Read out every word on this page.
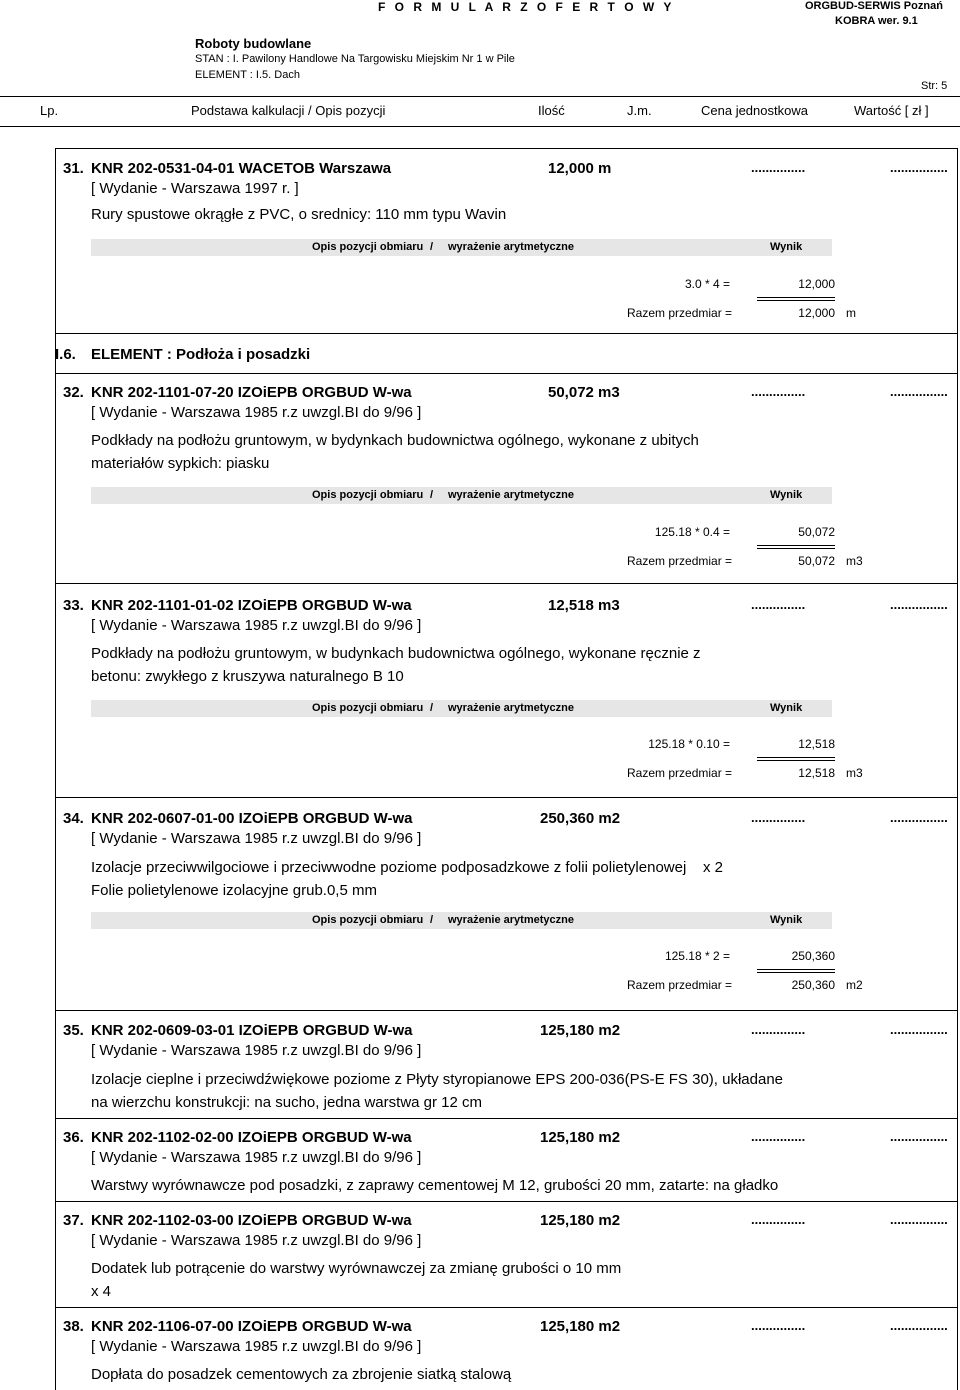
F O R M U L A R Z O F E R T O W Y	ORGBUD-SERWIS Poznań
KOBRA wer. 9.1
Roboty budowlane
STAN : I. Pawilony Handlowe Na Targowisku Miejskim Nr 1 w Pile
ELEMENT : I.5. Dach
Str: 5
Lp.	Podstawa kalkulacji / Opis pozycji	Ilość	J.m.	Cena jednostkowa	Wartość [ zł ]
31. KNR 202-0531-04-01 WACETOB Warszawa	12,000 m	...............	................
[ Wydanie - Warszawa 1997 r. ]
Rury spustowe okrągłe z PVC, o srednicy: 110 mm typu Wavin
Opis pozycji obmiaru / wyrażenie arytmetyczne	Wynik
3.0 * 4 =	12,000
Razem przedmiar =	12,000 m
I.6. ELEMENT : Podłoża i posadzki
32. KNR 202-1101-07-20 IZOiEPB ORGBUD W-wa	50,072 m3	...............	................
[ Wydanie - Warszawa 1985 r.z uwzgl.BI do 9/96 ]
Podkłady na podłożu gruntowym, w bydynkach budownictwa ogólnego, wykonane z ubitych materiałów sypkich: piasku
Opis pozycji obmiaru / wyrażenie arytmetyczne	Wynik
125.18 * 0.4 =	50,072
Razem przedmiar =	50,072 m3
33. KNR 202-1101-01-02 IZOiEPB ORGBUD W-wa	12,518 m3	...............	................
[ Wydanie - Warszawa 1985 r.z uwzgl.BI do 9/96 ]
Podkłady na podłożu gruntowym, w budynkach budownictwa ogólnego, wykonane ręcznie z betonu: zwykłego z kruszywa naturalnego B 10
Opis pozycji obmiaru / wyrażenie arytmetyczne	Wynik
125.18 * 0.10 =	12,518
Razem przedmiar =	12,518 m3
34. KNR 202-0607-01-00 IZOiEPB ORGBUD W-wa	250,360 m2	...............	................
[ Wydanie - Warszawa 1985 r.z uwzgl.BI do 9/96 ]
Izolacje przeciwwilgociowe i przeciwwodne poziome podposadzkowe z folii polietylenowej    x 2
Folie polietylenowe izolacyjne grub.0,5 mm
Opis pozycji obmiaru / wyrażenie arytmetyczne	Wynik
125.18 * 2 =	250,360
Razem przedmiar =	250,360 m2
35. KNR 202-0609-03-01 IZOiEPB ORGBUD W-wa	125,180 m2	...............	................
[ Wydanie - Warszawa 1985 r.z uwzgl.BI do 9/96 ]
Izolacje cieplne i przeciwdźwiękowe poziome z Płyty styropianowe EPS 200-036(PS-E FS 30), układane na wierzchu konstrukcji: na sucho, jedna warstwa gr 12 cm
36. KNR 202-1102-02-00 IZOiEPB ORGBUD W-wa	125,180 m2	...............	................
[ Wydanie - Warszawa 1985 r.z uwzgl.BI do 9/96 ]
Warstwy wyrównawcze pod posadzki, z zaprawy cementowej M 12, grubości 20 mm, zatarte: na gładko
37. KNR 202-1102-03-00 IZOiEPB ORGBUD W-wa	125,180 m2	...............	................
[ Wydanie - Warszawa 1985 r.z uwzgl.BI do 9/96 ]
Dodatek lub potrącenie do warstwy wyrównawczej za zmianę grubości o 10 mm
x 4
38. KNR 202-1106-07-00 IZOiEPB ORGBUD W-wa	125,180 m2	...............	................
[ Wydanie - Warszawa 1985 r.z uwzgl.BI do 9/96 ]
Dopłata do posadzek cementowych za zbrojenie siatką stalową
